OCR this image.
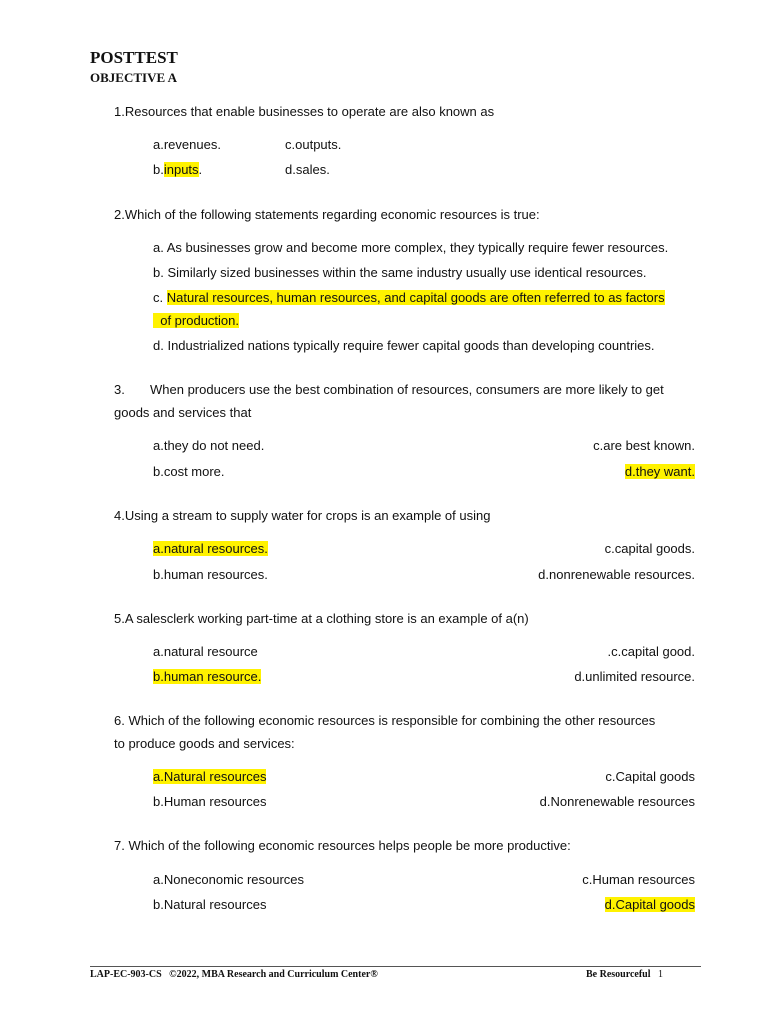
POSTTEST
OBJECTIVE A
1.Resources that enable businesses to operate are also known as
a.revenues.	c.outputs.
b.inputs.	d.sales.
2.Which of the following statements regarding economic resources is true:
a. As businesses grow and become more complex, they typically require fewer resources.
b. Similarly sized businesses within the same industry usually use identical resources.
c. Natural resources, human resources, and capital goods are often referred to as factors
of production.
d. Industrialized nations typically require fewer capital goods than developing countries.
3. When producers use the best combination of resources, consumers are more likely to get
goods and services that
a.they do not need.	c.are best known.
b.cost more.	d.they want.
4.Using a stream to supply water for crops is an example of using
a.natural resources.	c.capital goods.
b.human resources.	d.nonrenewable resources.
5.A salesclerk working part-time at a clothing store is an example of a(n)
a.natural resource	.c.capital good.
b.human resource.	d.unlimited resource.
6. Which of the following economic resources is responsible for combining the other resources
to produce goods and services:
a.Natural resources	c.Capital goods
b.Human resources	d.Nonrenewable resources
7. Which of the following economic resources helps people be more productive:
a.Noneconomic resources	c.Human resources
b.Natural resources	d.Capital goods
LAP-EC-903-CS   ©2022, MBA Research and Curriculum Center®	Be Resourceful 1
